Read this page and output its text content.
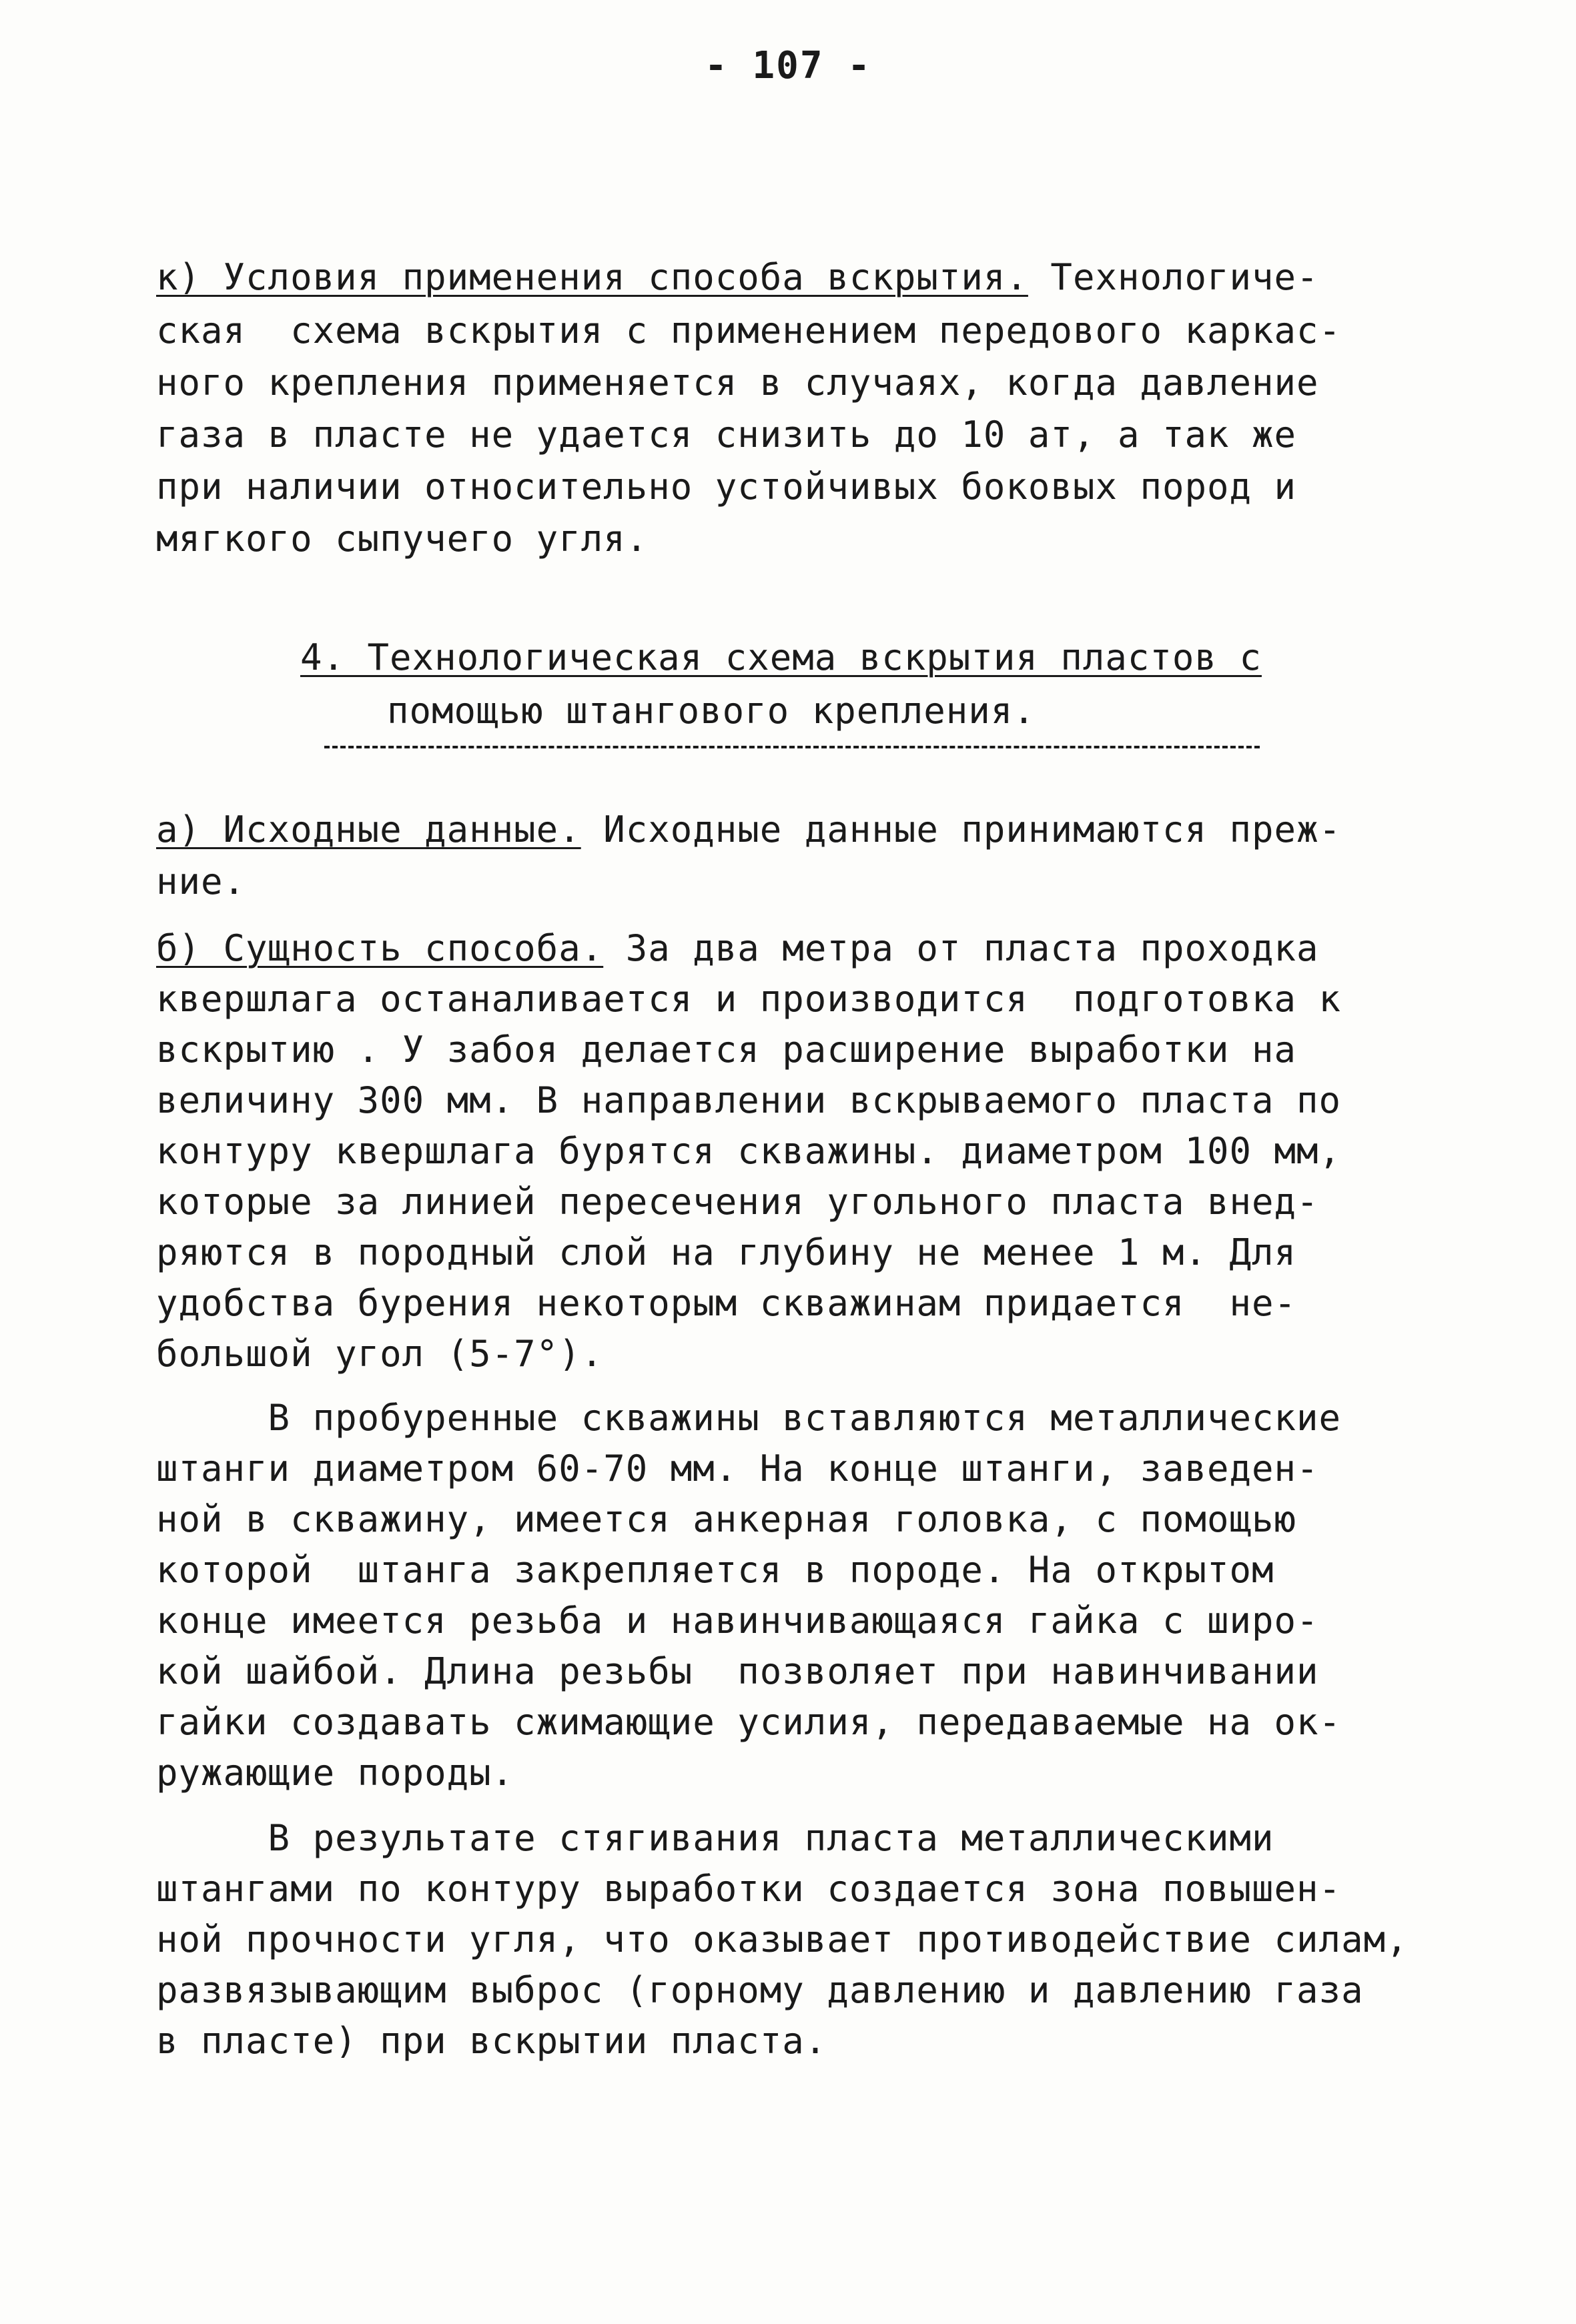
- 107 -
к) Условия применения способа вскрытия. Технологиче-
ская  схема вскрытия с применением передового каркас-
ного крепления применяется в случаях, когда давление
газа в пласте не удается снизить до 10 ат, а так же
при наличии относительно устойчивых боковых пород и
мягкого сыпучего угля.
4. Технологическая схема вскрытия пластов с
помощью штангового крепления.
а) Исходные данные. Исходные данные принимаются преж-
ние.
б) Сущность способа. За два метра от пласта проходка
квершлага останаливается и производится  подготовка к
вскрытию . У забоя делается расширение выработки на
величину 300 мм. В направлении вскрываемого пласта по
контуру квершлага бурятся скважины. диаметром 100 мм,
которые за линией пересечения угольного пласта внед-
ряются в породный слой на глубину не менее 1 м. Для
удобства бурения некоторым скважинам придается  не-
большой угол (5-7°).
В пробуренные скважины вставляются металлические
штанги диаметром 60-70 мм. На конце штанги, заведен-
ной в скважину, имеется анкерная головка, с помощью
которой  штанга закрепляется в породе. На открытом
конце имеется резьба и навинчивающаяся гайка с широ-
кой шайбой. Длина резьбы  позволяет при навинчивании
гайки создавать сжимающие усилия, передаваемые на ок-
ружающие породы.
В результате стягивания пласта металлическими
штангами по контуру выработки создается зона повышен-
ной прочности угля, что оказывает противодействие силам,
развязывающим выброс (горному давлению и давлению газа
в пласте) при вскрытии пласта.
